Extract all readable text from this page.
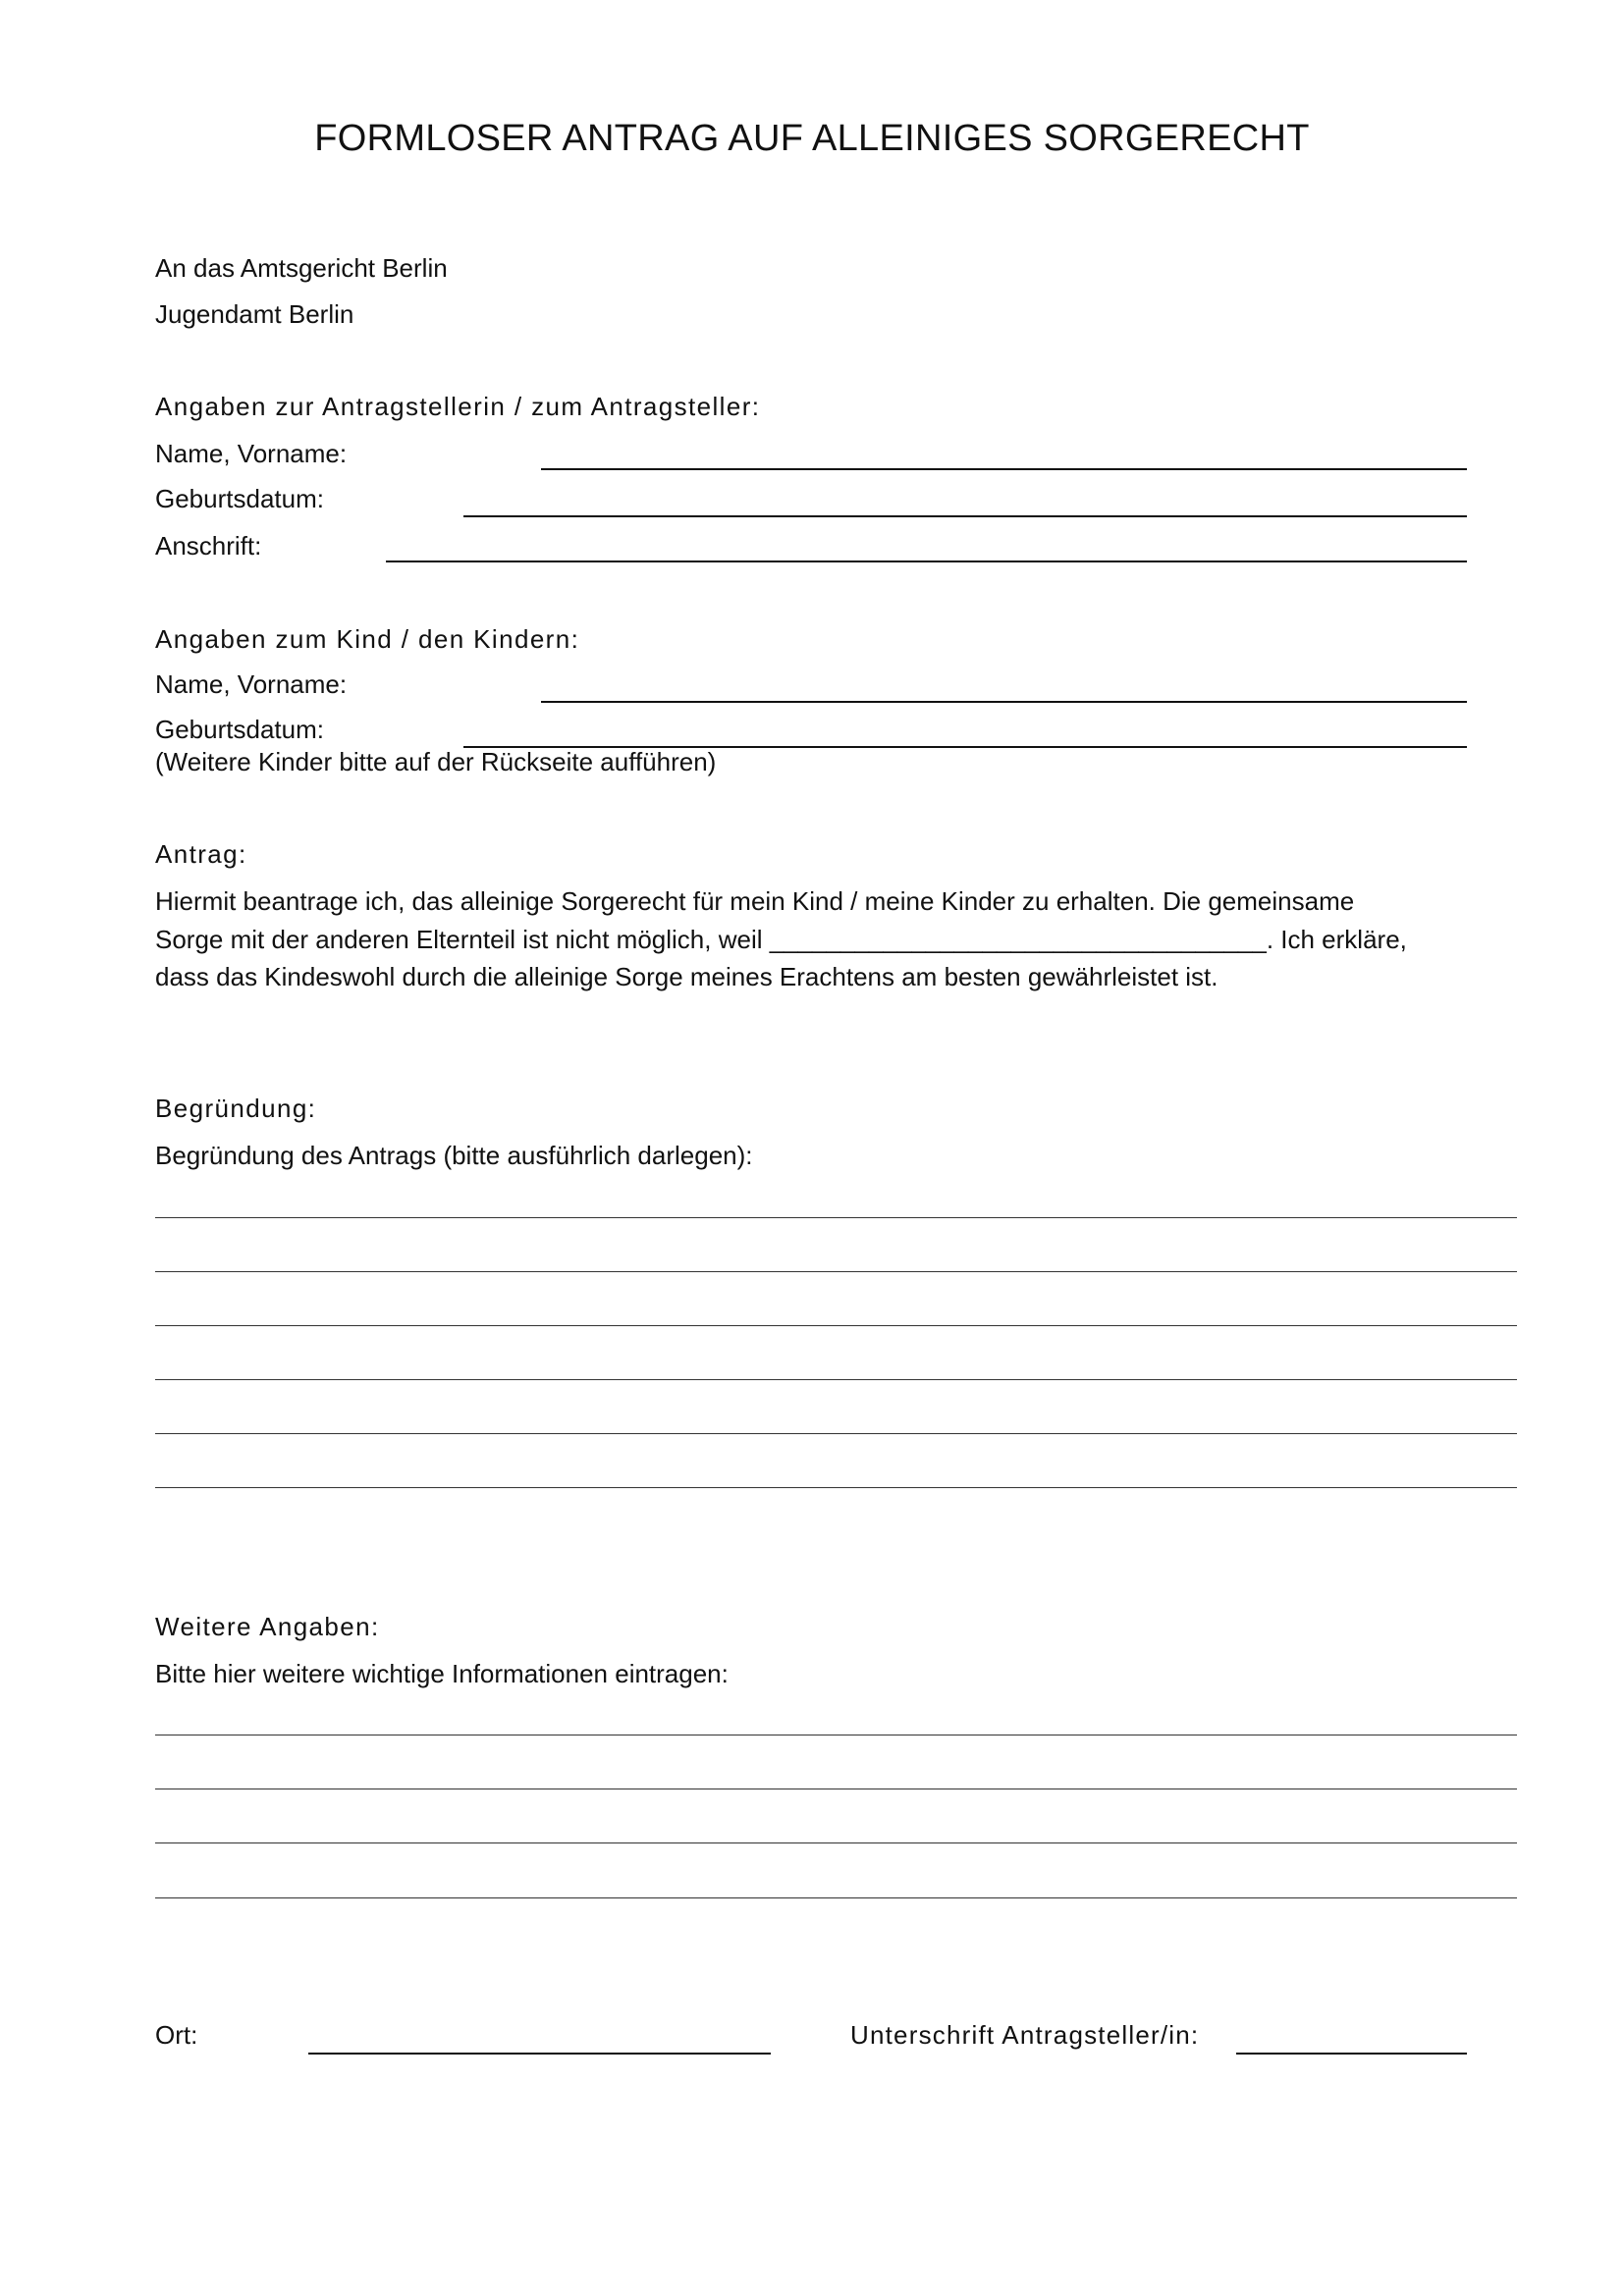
FORMLOSER ANTRAG AUF ALLEINIGES SORGERECHT
An das Amtsgericht Berlin
Jugendamt Berlin
Angaben zur Antragstellerin / zum Antragsteller:
Name, Vorname:
Geburtsdatum:
Anschrift:
Angaben zum Kind / den Kindern:
Name, Vorname:
Geburtsdatum:
(Weitere Kinder bitte auf der Rückseite aufführen)
Antrag:
Hiermit beantrage ich, das alleinige Sorgerecht für mein Kind / meine Kinder zu erhalten. Die gemeinsame
Sorge mit der anderen Elternteil ist nicht möglich, weil ___________________________________. Ich erkläre,
dass das Kindeswohl durch die alleinige Sorge meines Erachtens am besten gewährleistet ist.
Begründung:
Begründung des Antrags (bitte ausführlich darlegen):
Weitere Angaben:
Bitte hier weitere wichtige Informationen eintragen:
Ort:	Unterschrift Antragsteller/in:
